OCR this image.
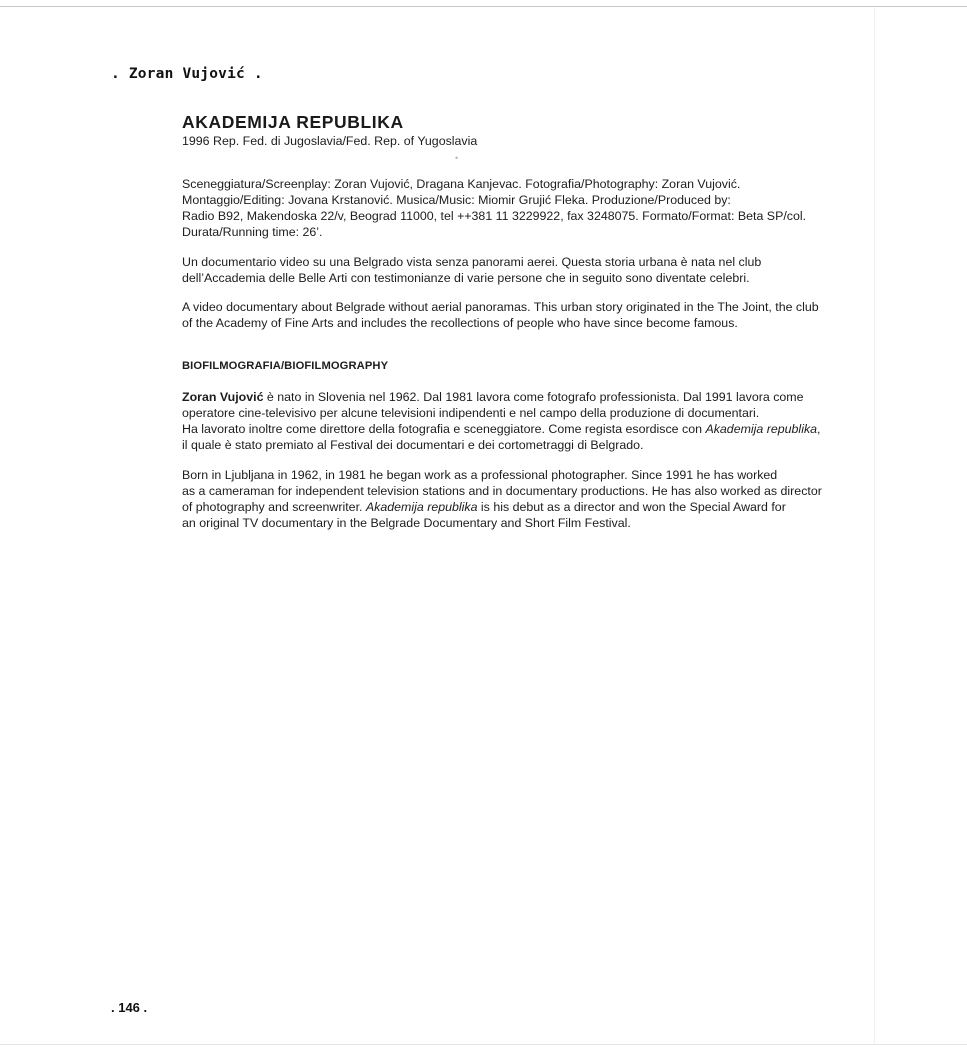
. Zoran Vujović .
AKADEMIJA REPUBLIKA

1996 Rep. Fed. di Jugoslavia/Fed. Rep. of Yugoslavia

•

Sceneggiatura/Screenplay: Zoran Vujović, Dragana Kanjevac. Fotografia/Photography: Zoran Vujović.
Montaggio/Editing: Jovana Krstanović. Musica/Music: Miomir Grujić Fleka. Produzione/Produced by:
Radio B92, Makendoska 22/v, Beograd 11000, tel ++381 11 3229922, fax 3248075. Formato/Format: Beta SP/col.
Durata/Running time: 26’.

Un documentario video su una Belgrado vista senza panorami aerei. Questa storia urbana è nata nel club
dell’Accademia delle Belle Arti con testimonianze di varie persone che in seguito sono diventate celebri.

A video documentary about Belgrade without aerial panoramas. This urban story originated in the The Joint, the club
of the Academy of Fine Arts and includes the recollections of people who have since become famous.

BIOFILMOGRAFIA/BIOFILMOGRAPHY

Zoran Vujović è nato in Slovenia nel 1962. Dal 1981 lavora come fotografo professionista. Dal 1991 lavora come
operatore cine-televisivo per alcune televisioni indipendenti e nel campo della produzione di documentari.
Ha lavorato inoltre come direttore della fotografia e sceneggiatore. Come regista esordisce con Akademija republika,
il quale è stato premiato al Festival dei documentari e dei cortometraggi di Belgrado.

Born in Ljubljana in 1962, in 1981 he began work as a professional photographer. Since 1991 he has worked
as a cameraman for independent television stations and in documentary productions. He has also worked as director
of photography and screenwriter. Akademija republika is his debut as a director and won the Special Award for
an original TV documentary in the Belgrade Documentary and Short Film Festival.

. 146 .
